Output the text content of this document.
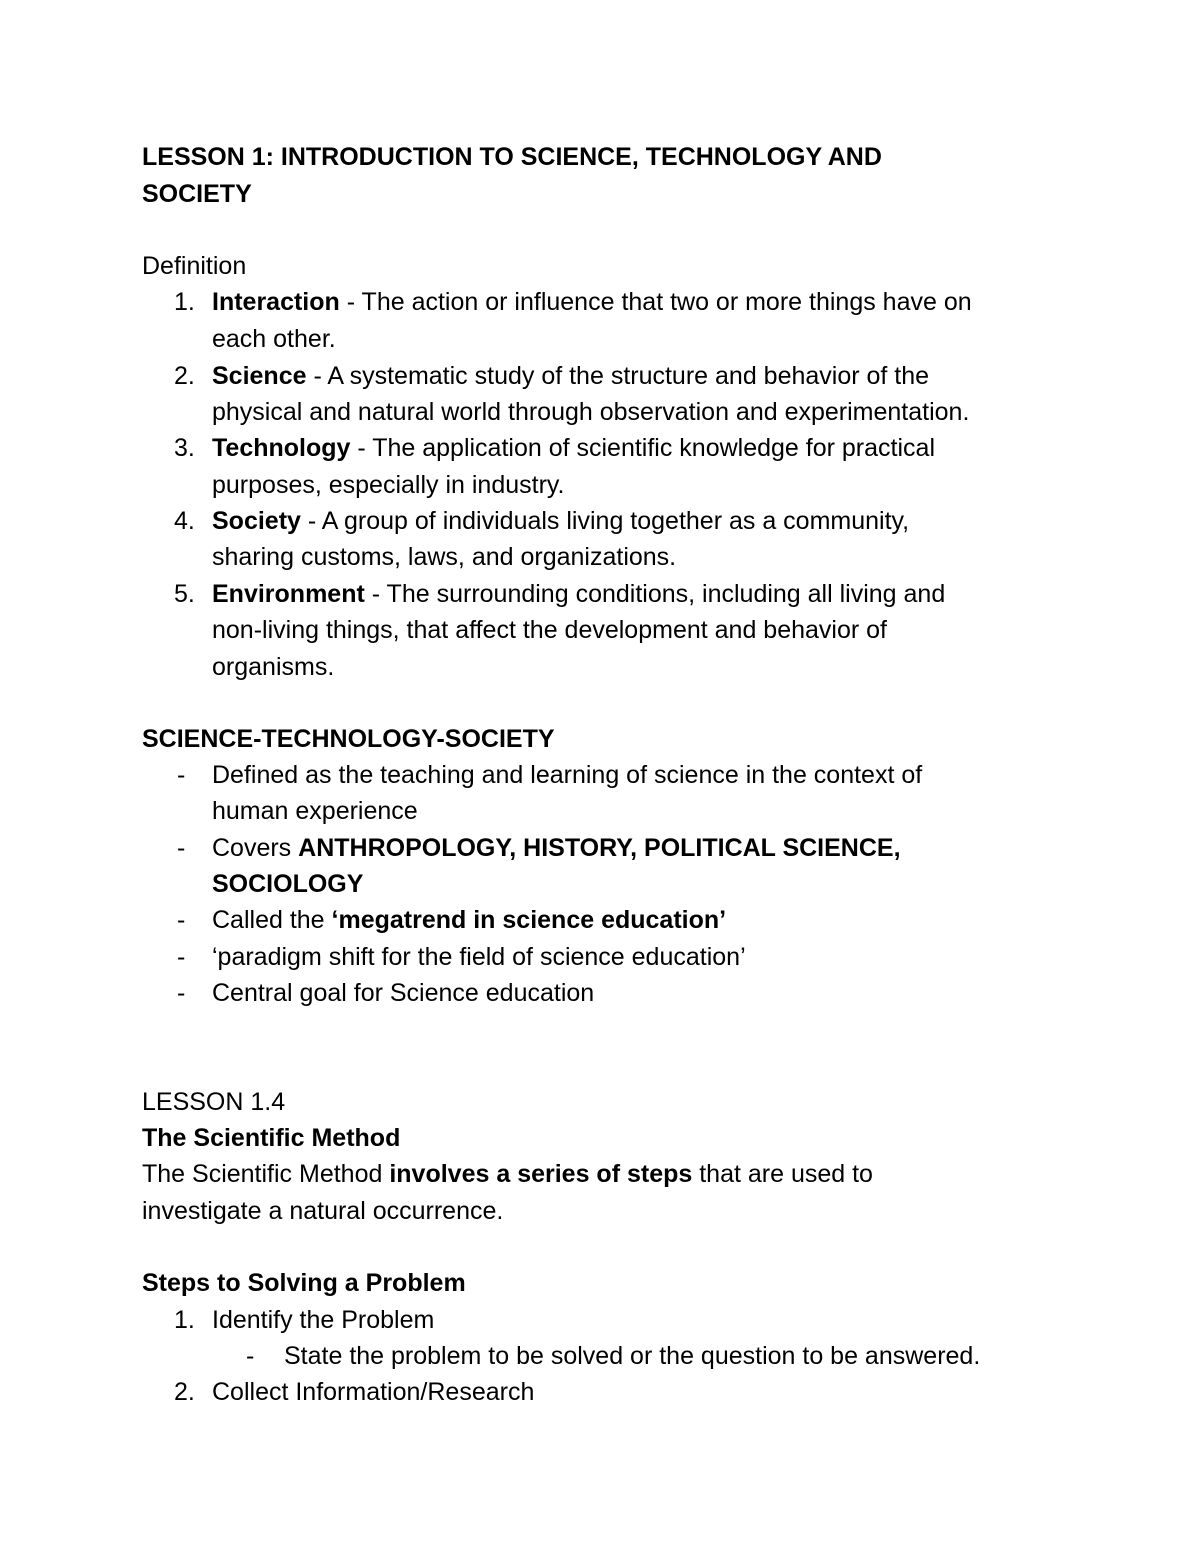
LESSON 1: INTRODUCTION TO SCIENCE, TECHNOLOGY AND
SOCIETY
Definition
1. Interaction - The action or influence that two or more things have on
each other.
2. Science - A systematic study of the structure and behavior of the
physical and natural world through observation and experimentation.
3. Technology - The application of scientific knowledge for practical
purposes, especially in industry.
4. Society - A group of individuals living together as a community,
sharing customs, laws, and organizations.
5. Environment - The surrounding conditions, including all living and
non-living things, that affect the development and behavior of
organisms.
SCIENCE-TECHNOLOGY-SOCIETY
- Defined as the teaching and learning of science in the context of
human experience
- Covers ANTHROPOLOGY, HISTORY, POLITICAL SCIENCE,
SOCIOLOGY
- Called the ‘megatrend in science education’
- ‘paradigm shift for the field of science education’
- Central goal for Science education
LESSON 1.4
The Scientific Method
The Scientific Method involves a series of steps that are used to
investigate a natural occurrence.
Steps to Solving a Problem
1. Identify the Problem
- State the problem to be solved or the question to be answered.
2. Collect Information/Research
